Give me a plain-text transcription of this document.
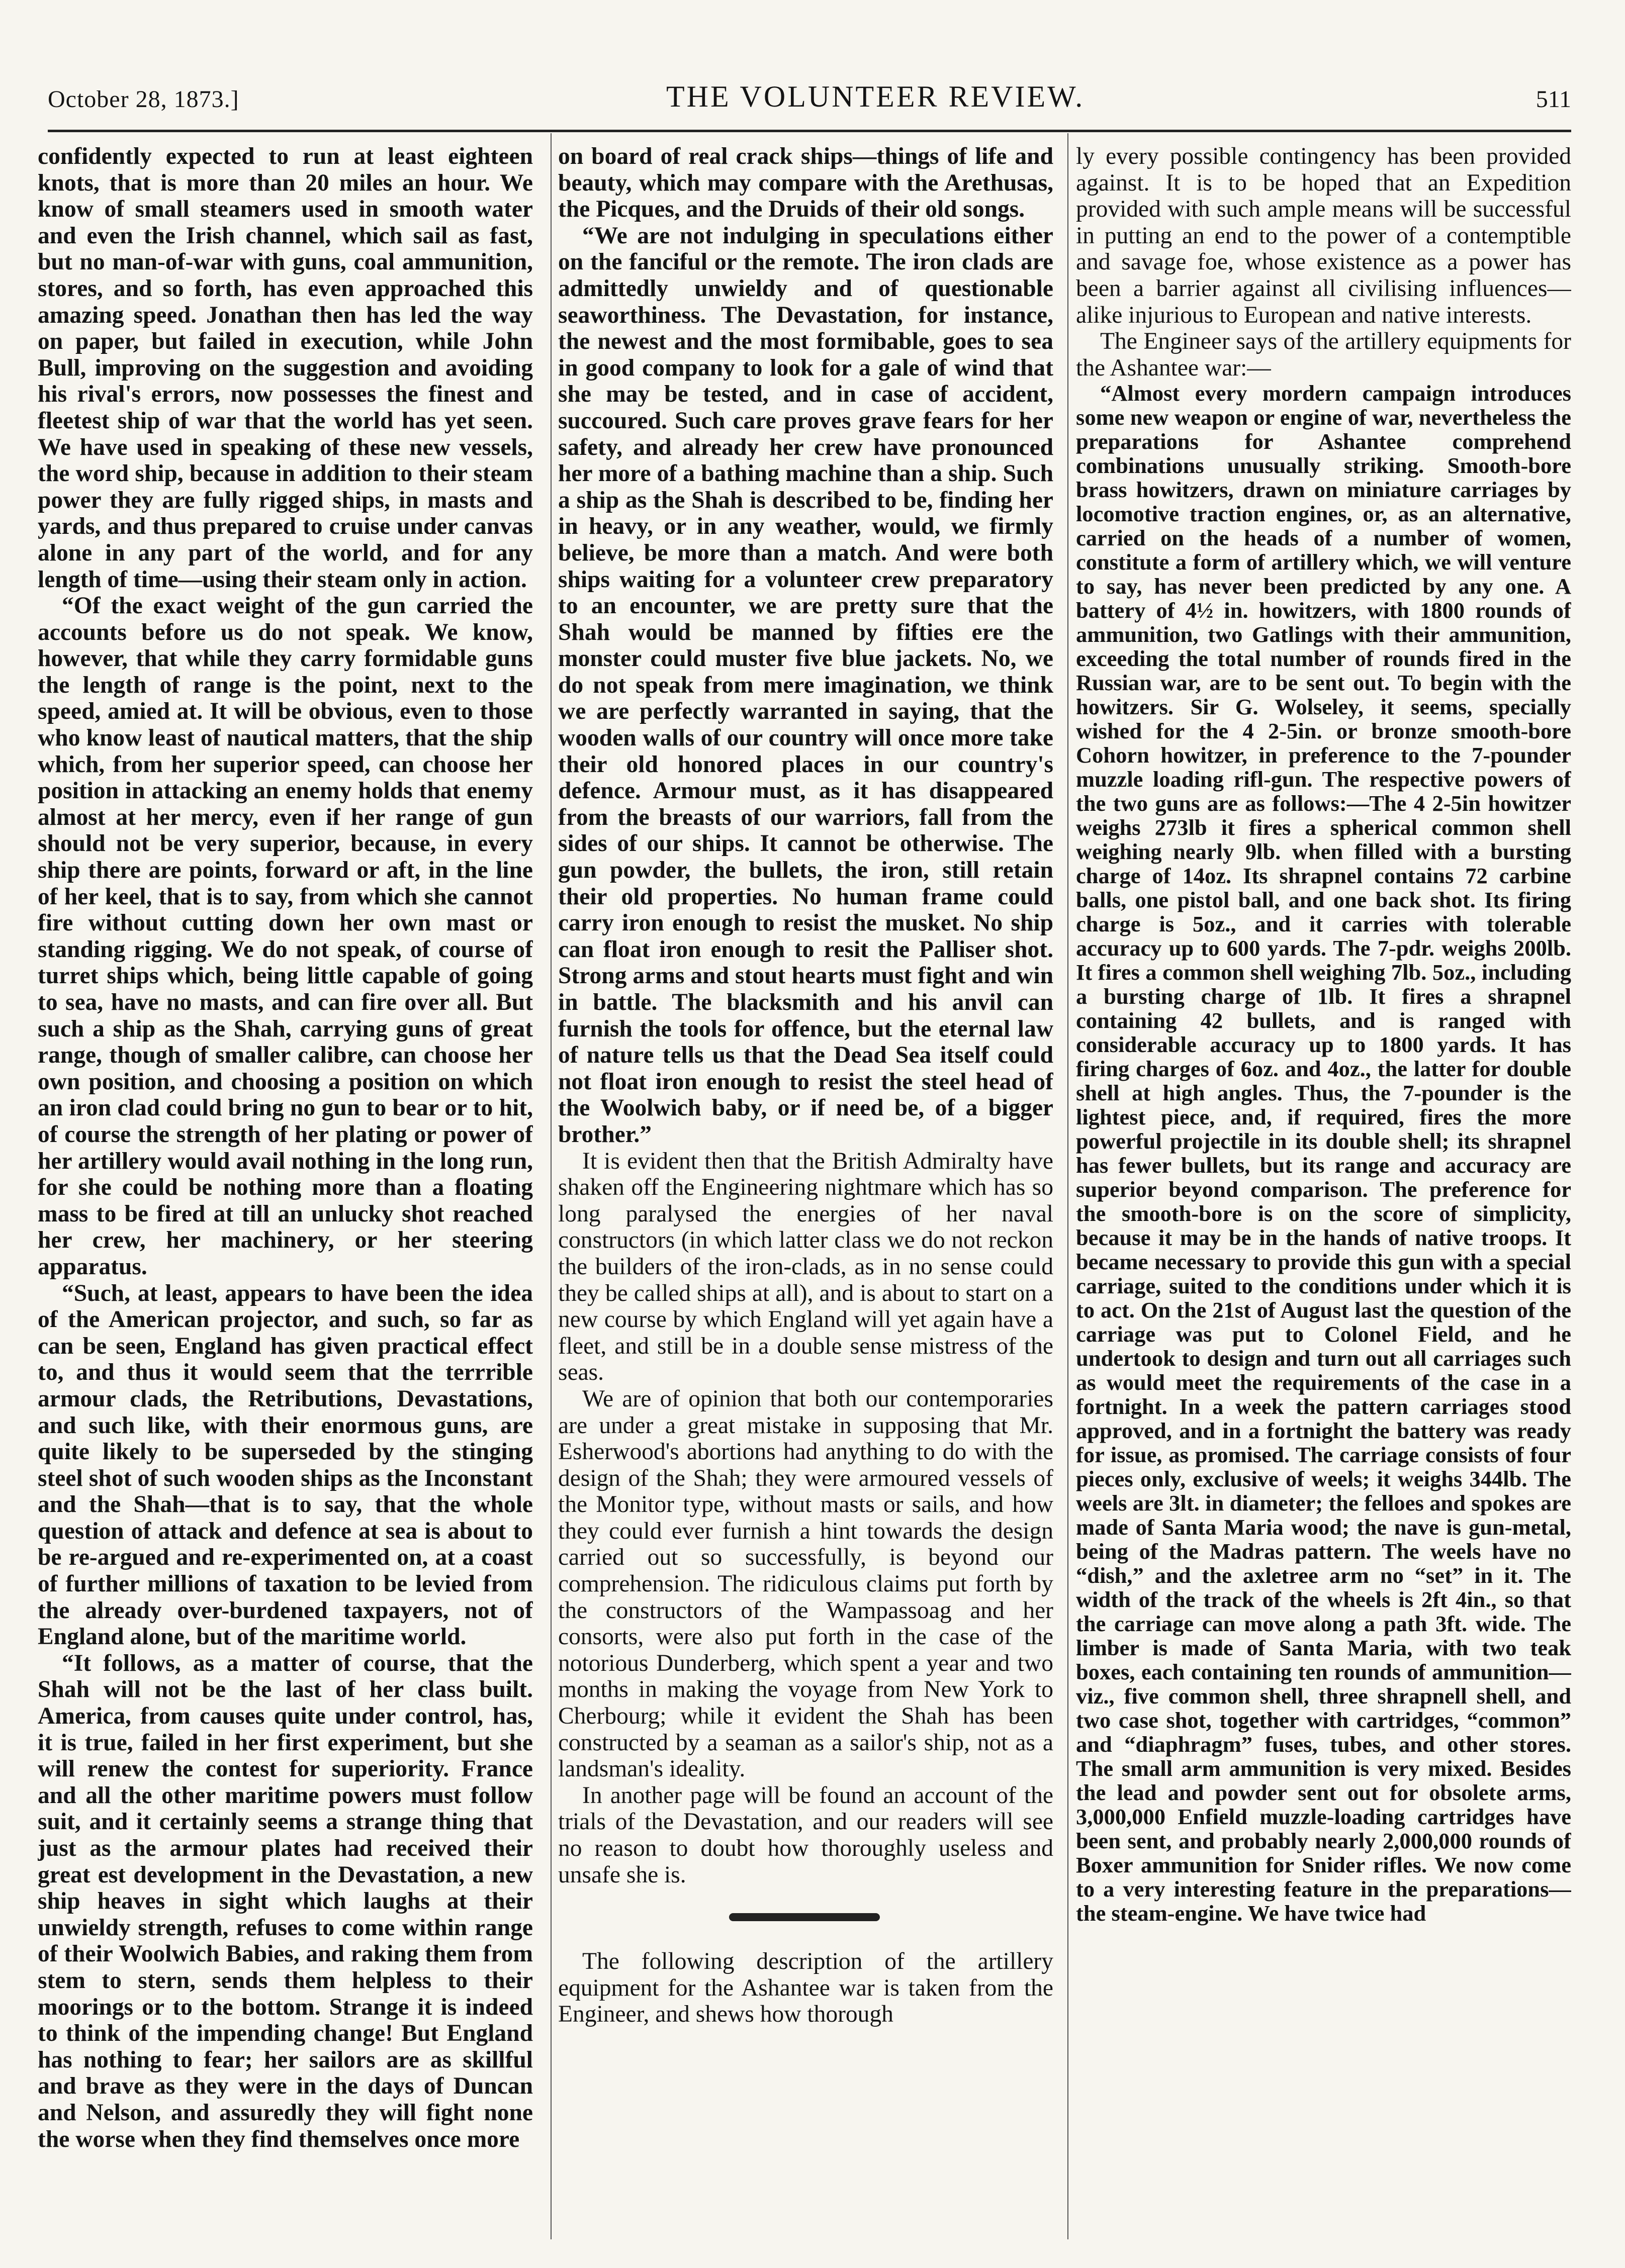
October 28, 1873.]	THE VOLUNTEER REVIEW.	511

confidently expected to run at least eighteen knots, that is more than 20 miles an hour. We know of small steamers used in smooth water and even the Irish channel, which sail as fast, but no man-of-war with guns, coal ammunition, stores, and so forth, has even approached this amazing speed. Jonathan then has led the way on paper, but failed in execution, while John Bull, improving on the suggestion and avoiding his rival's errors, now possesses the finest and fleetest ship of war that the world has yet seen. We have used in speaking of these new vessels, the word ship, because in addition to their steam power they are fully rigged ships, in masts and yards, and thus prepared to cruise under canvas alone in any part of the world, and for any length of time—using their steam only in action.

“Of the exact weight of the gun carried the accounts before us do not speak. We know, however, that while they carry formidable guns the length of range is the point, next to the speed, amied at. It will be obvious, even to those who know least of nautical matters, that the ship which, from her superior speed, can choose her position in attacking an enemy holds that enemy almost at her mercy, even if her range of gun should not be very superior, because, in every ship there are points, forward or aft, in the line of her keel, that is to say, from which she cannot fire without cutting down her own mast or standing rigging. We do not speak, of course of turret ships which, being little capable of going to sea, have no masts, and can fire over all. But such a ship as the Shah, carrying guns of great range, though of smaller calibre, can choose her own position, and choosing a position on which an iron clad could bring no gun to bear or to hit, of course the strength of her plating or power of her artillery would avail nothing in the long run, for she could be nothing more than a floating mass to be fired at till an unlucky shot reached her crew, her machinery, or her steering apparatus.

“Such, at least, appears to have been the idea of the American projector, and such, so far as can be seen, England has given practical effect to, and thus it would seem that the terrrible armour clads, the Retributions, Devastations, and such like, with their enormous guns, are quite likely to be superseded by the stinging steel shot of such wooden ships as the Inconstant and the Shah—that is to say, that the whole question of attack and defence at sea is about to be re-argued and re-experimented on, at a coast of further millions of taxation to be levied from the already over-burdened taxpayers, not of England alone, but of the maritime world.

“It follows, as a matter of course, that the Shah will not be the last of her class built. America, from causes quite under control, has, it is true, failed in her first experiment, but she will renew the contest for superiority. France and all the other maritime powers must follow suit, and it certainly seems a strange thing that just as the armour plates had received their great est development in the Devastation, a new ship heaves in sight which laughs at their unwieldy strength, refuses to come within range of their Woolwich Babies, and raking them from stem to stern, sends them helpless to their moorings or to the bottom. Strange it is indeed to think of the impending change! But England has nothing to fear; her sailors are as skillful and brave as they were in the days of Duncan and Nelson, and assuredly they will fight none the worse when they find themselves once more

on board of real crack ships—things of life and beauty, which may compare with the Arethusas, the Picques, and the Druids of their old songs.

“We are not indulging in speculations either on the fanciful or the remote. The iron clads are admittedly unwieldy and of questionable seaworthiness. The Devastation, for instance, the newest and the most formibable, goes to sea in good company to look for a gale of wind that she may be tested, and in case of accident, succoured. Such care proves grave fears for her safety, and already her crew have pronounced her more of a bathing machine than a ship. Such a ship as the Shah is described to be, finding her in heavy, or in any weather, would, we firmly believe, be more than a match. And were both ships waiting for a volunteer crew preparatory to an encounter, we are pretty sure that the Shah would be manned by fifties ere the monster could muster five blue jackets. No, we do not speak from mere imagination, we think we are perfectly warranted in saying, that the wooden walls of our country will once more take their old honored places in our country's defence. Armour must, as it has disappeared from the breasts of our warriors, fall from the sides of our ships. It cannot be otherwise. The gun powder, the bullets, the iron, still retain their old properties. No human frame could carry iron enough to resist the musket. No ship can float iron enough to resit the Palliser shot. Strong arms and stout hearts must fight and win in battle. The blacksmith and his anvil can furnish the tools for offence, but the eternal law of nature tells us that the Dead Sea itself could not float iron enough to resist the steel head of the Woolwich baby, or if need be, of a bigger brother.”

It is evident then that the British Admiralty have shaken off the Engineering nightmare which has so long paralysed the energies of her naval constructors (in which latter class we do not reckon the builders of the iron-clads, as in no sense could they be called ships at all), and is about to start on a new course by which England will yet again have a fleet, and still be in a double sense mistress of the seas.

We are of opinion that both our contemporaries are under a great mistake in supposing that Mr. Esherwood's abortions had anything to do with the design of the Shah; they were armoured vessels of the Monitor type, without masts or sails, and how they could ever furnish a hint towards the design carried out so successfully, is beyond our comprehension. The ridiculous claims put forth by the constructors of the Wampassoag and her consorts, were also put forth in the case of the notorious Dunderberg, which spent a year and two months in making the voyage from New York to Cherbourg; while it evident the Shah has been constructed by a seaman as a sailor's ship, not as a landsman's ideality.

In another page will be found an account of the trials of the Devastation, and our readers will see no reason to doubt how thoroughly useless and unsafe she is.

The following description of the artillery equipment for the Ashantee war is taken from the Engineer, and shews how thorough

ly every possible contingency has been provided against. It is to be hoped that an Expedition provided with such ample means will be successful in putting an end to the power of a contemptible and savage foe, whose existence as a power has been a barrier against all civilising influences—alike injurious to European and native interests.

The Engineer says of the artillery equipments for the Ashantee war:—

“Almost every mordern campaign introduces some new weapon or engine of war, nevertheless the preparations for Ashantee comprehend combinations unusually striking. Smooth-bore brass howitzers, drawn on miniature carriages by locomotive traction engines, or, as an alternative, carried on the heads of a number of women, constitute a form of artillery which, we will venture to say, has never been predicted by any one. A battery of 4½ in. howitzers, with 1800 rounds of ammunition, two Gatlings with their ammunition, exceeding the total number of rounds fired in the Russian war, are to be sent out. To begin with the howitzers. Sir G. Wolseley, it seems, specially wished for the 4 2-5in. or bronze smooth-bore Cohorn howitzer, in preference to the 7-pounder muzzle loading rifl-gun. The respective powers of the two guns are as follows:—The 4 2-5in howitzer weighs 273lb it fires a spherical common shell weighing nearly 9lb. when filled with a bursting charge of 14oz. Its shrapnel contains 72 carbine balls, one pistol ball, and one back shot. Its firing charge is 5oz., and it carries with tolerable accuracy up to 600 yards. The 7-pdr. weighs 200lb. It fires a common shell weighing 7lb. 5oz., including a bursting charge of 1lb. It fires a shrapnel containing 42 bullets, and is ranged with considerable accuracy up to 1800 yards. It has firing charges of 6oz. and 4oz., the latter for double shell at high angles. Thus, the 7-pounder is the lightest piece, and, if required, fires the more powerful projectile in its double shell; its shrapnel has fewer bullets, but its range and accuracy are superior beyond comparison. The preference for the smooth-bore is on the score of simplicity, because it may be in the hands of native troops. It became necessary to provide this gun with a special carriage, suited to the conditions under which it is to act. On the 21st of August last the question of the carriage was put to Colonel Field, and he undertook to design and turn out all carriages such as would meet the requirements of the case in a fortnight. In a week the pattern carriages stood approved, and in a fortnight the battery was ready for issue, as promised. The carriage consists of four pieces only, exclusive of weels; it weighs 344lb. The weels are 3lt. in diameter; the felloes and spokes are made of Santa Maria wood; the nave is gun-metal, being of the Madras pattern. The weels have no “dish,” and the axletree arm no “set” in it. The width of the track of the wheels is 2ft 4in., so that the carriage can move along a path 3ft. wide. The limber is made of Santa Maria, with two teak boxes, each containing ten rounds of ammunition—viz., five common shell, three shrapnell shell, and two case shot, together with cartridges, “common” and “diaphragm” fuses, tubes, and other stores. The small arm ammunition is very mixed. Besides the lead and powder sent out for obsolete arms, 3,000,000 Enfield muzzle-loading cartridges have been sent, and probably nearly 2,000,000 rounds of Boxer ammunition for Snider rifles. We now come to a very interesting feature in the preparations—the steam-engine. We have twice had
